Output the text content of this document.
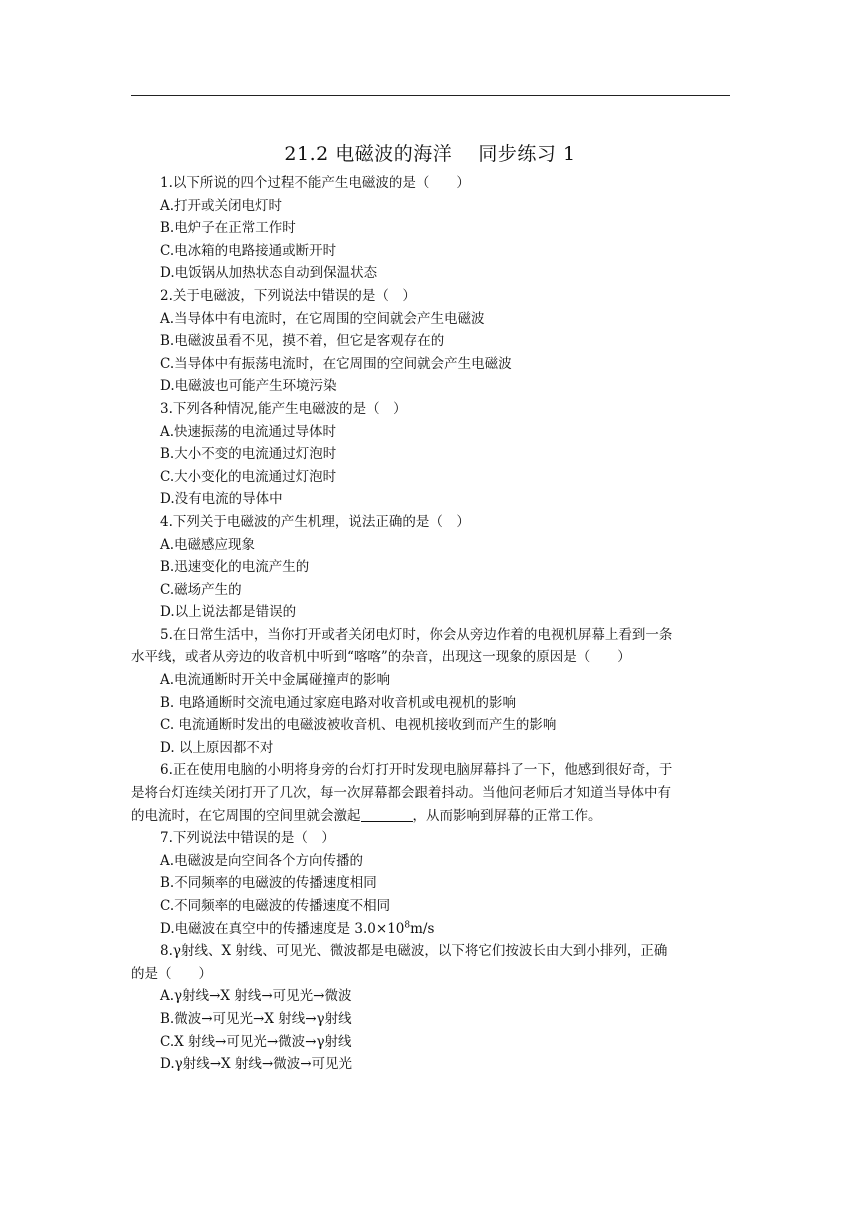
21.2 电磁波的海洋    同步练习 1
1.以下所说的四个过程不能产生电磁波的是（　　）
A.打开或关闭电灯时
B.电炉子在正常工作时
C.电冰箱的电路接通或断开时
D.电饭锅从加热状态自动到保温状态
2.关于电磁波，下列说法中错误的是（　）
A.当导体中有电流时，在它周围的空间就会产生电磁波
B.电磁波虽看不见，摸不着，但它是客观存在的
C.当导体中有振荡电流时，在它周围的空间就会产生电磁波
D.电磁波也可能产生环境污染
3.下列各种情况,能产生电磁波的是（　）
A.快速振荡的电流通过导体时
B.大小不变的电流通过灯泡时
C.大小变化的电流通过灯泡时
D.没有电流的导体中
4.下列关于电磁波的产生机理，说法正确的是（　）
A.电磁感应现象
B.迅速变化的电流产生的
C.磁场产生的
D.以上说法都是错误的
5.在日常生活中，当你打开或者关闭电灯时，你会从旁边作着的电视机屏幕上看到一条
水平线，或者从旁边的收音机中听到“喀喀”的杂音，出现这一现象的原因是（　　）
A.电流通断时开关中金属碰撞声的影响
B. 电路通断时交流电通过家庭电路对收音机或电视机的影响
C. 电流通断时发出的电磁波被收音机、电视机接收到而产生的影响
D. 以上原因都不对
6.正在使用电脑的小明将身旁的台灯打开时发现电脑屏幕抖了一下，他感到很好奇，于
是将台灯连续关闭打开了几次，每一次屏幕都会跟着抖动。当他问老师后才知道当导体中有
的电流时，在它周围的空间里就会激起	，从而影响到屏幕的正常工作。
7.下列说法中错误的是（　）
A.电磁波是向空间各个方向传播的
B.不同频率的电磁波的传播速度相同
C.不同频率的电磁波的传播速度不相同
D.电磁波在真空中的传播速度是 $3.0\times 10^8m/s$
8.γ射线、X 射线、可见光、微波都是电磁波，以下将它们按波长由大到小排列，正确
的是（　　）
A.γ射线→X 射线→可见光→微波
B.微波→可见光→X 射线→γ射线
C.X 射线→可见光→微波→γ射线
D.γ射线→X 射线→微波→可见光
